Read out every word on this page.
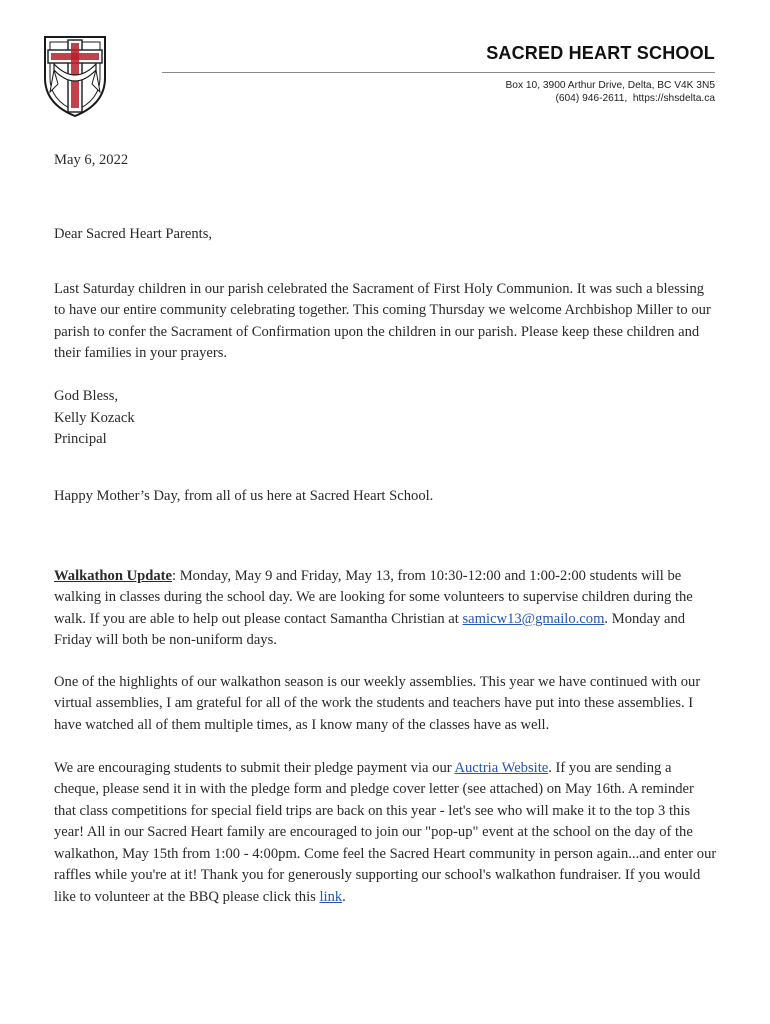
SACRED HEART SCHOOL
Box 10, 3900 Arthur Drive, Delta, BC V4K 3N5
(604) 946-2611, https://shsdelta.ca
May 6, 2022
Dear Sacred Heart Parents,

Last Saturday children in our parish celebrated the Sacrament of First Holy Communion. It was such a blessing to have our entire community celebrating together. This coming Thursday we welcome Archbishop Miller to our parish to confer the Sacrament of Confirmation upon the children in our parish. Please keep these children and their families in your prayers.

God Bless,
Kelly Kozack
Principal
Happy Mother’s Day, from all of us here at Sacred Heart School.

Walkathon Update: Monday, May 9 and Friday, May 13, from 10:30-12:00 and 1:00-2:00 students will be walking in classes during the school day. We are looking for some volunteers to supervise children during the walk. If you are able to help out please contact Samantha Christian at samicw13@gmailo.com. Monday and Friday will both be non-uniform days.

One of the highlights of our walkathon season is our weekly assemblies. This year we have continued with our virtual assemblies, I am grateful for all of the work the students and teachers have put into these assemblies. I have watched all of them multiple times, as I know many of the classes have as well.

We are encouraging students to submit their pledge payment via our Auctria Website. If you are sending a cheque, please send it in with the pledge form and pledge cover letter (see attached) on May 16th. A reminder that class competitions for special field trips are back on this year - let's see who will make it to the top 3 this year! All in our Sacred Heart family are encouraged to join our "pop-up" event at the school on the day of the walkathon, May 15th from 1:00 - 4:00pm. Come feel the Sacred Heart community in person again...and enter our raffles while you're at it! Thank you for generously supporting our school's walkathon fundraiser. If you would like to volunteer at the BBQ please click this link.
